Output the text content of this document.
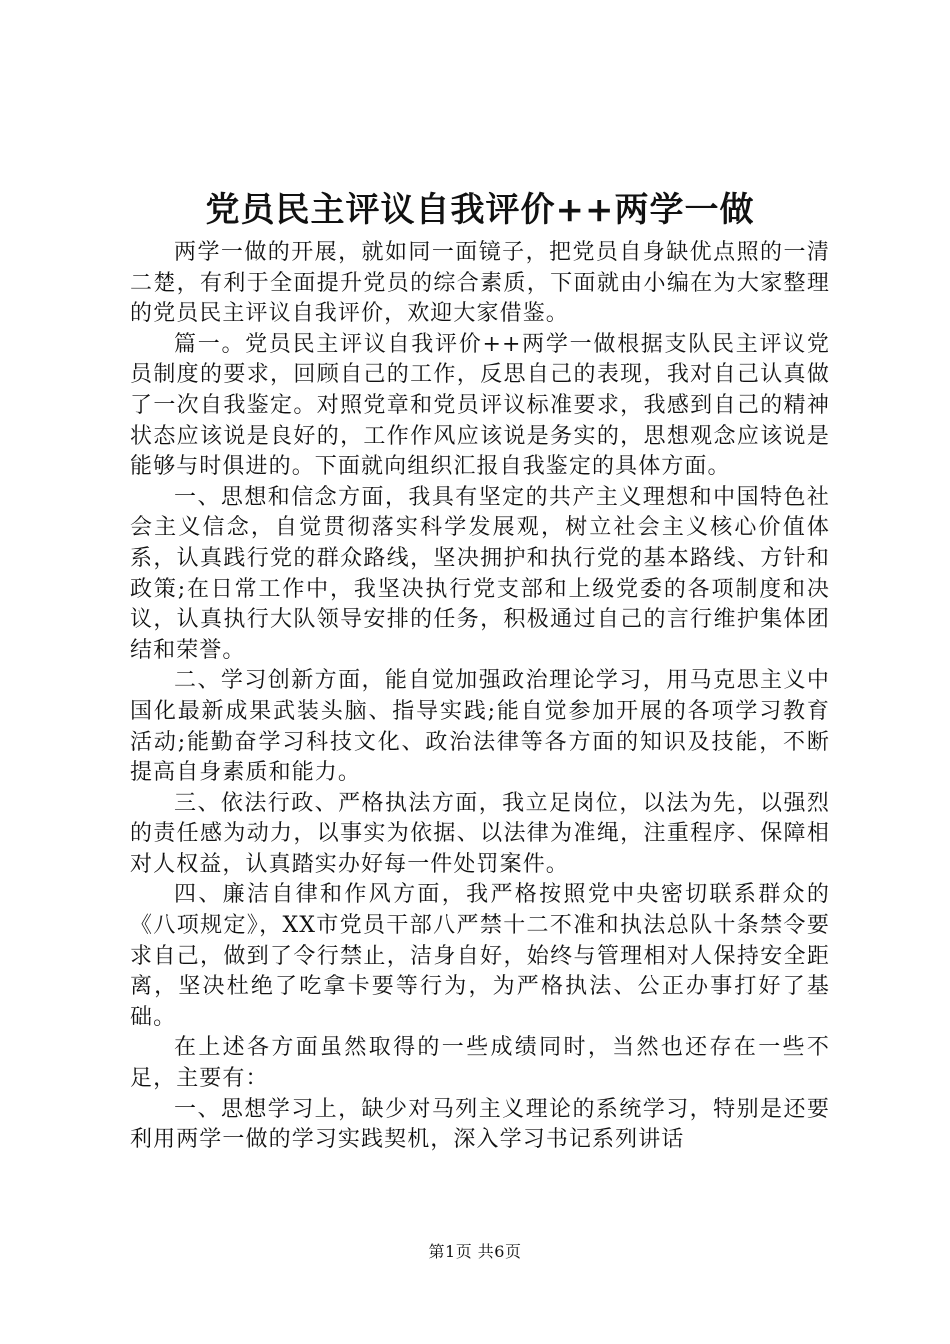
党员民主评议自我评价++两学一做

两学一做的开展，就如同一面镜子，把党员自身缺优点照的一清二楚，有利于全面提升党员的综合素质，下面就由小编在为大家整理的党员民主评议自我评价，欢迎大家借鉴。

篇一。党员民主评议自我评价++两学一做根据支队民主评议党员制度的要求，回顾自己的工作，反思自己的表现，我对自己认真做了一次自我鉴定。对照党章和党员评议标准要求，我感到自己的精神状态应该说是良好的，工作作风应该说是务实的，思想观念应该说是能够与时俱进的。下面就向组织汇报自我鉴定的具体方面。

一、思想和信念方面，我具有坚定的共产主义理想和中国特色社会主义信念，自觉贯彻落实科学发展观，树立社会主义核心价值体系，认真践行党的群众路线，坚决拥护和执行党的基本路线、方针和政策;在日常工作中，我坚决执行党支部和上级党委的各项制度和决议，认真执行大队领导安排的任务，积极通过自己的言行维护集体团结和荣誉。

二、学习创新方面，能自觉加强政治理论学习，用马克思主义中国化最新成果武装头脑、指导实践;能自觉参加开展的各项学习教育活动;能勤奋学习科技文化、政治法律等各方面的知识及技能，不断提高自身素质和能力。

三、依法行政、严格执法方面，我立足岗位，以法为先，以强烈的责任感为动力，以事实为依据、以法律为准绳，注重程序、保障相对人权益，认真踏实办好每一件处罚案件。

四、廉洁自律和作风方面，我严格按照党中央密切联系群众的《八项规定》，XX市党员干部八严禁十二不准和执法总队十条禁令要求自己，做到了令行禁止，洁身自好，始终与管理相对人保持安全距离，坚决杜绝了吃拿卡要等行为，为严格执法、公正办事打好了基础。

在上述各方面虽然取得的一些成绩同时，当然也还存在一些不足，主要有：

一、思想学习上，缺少对马列主义理论的系统学习，特别是还要利用两学一做的学习实践契机，深入学习书记系列讲话

第1页 共6页
